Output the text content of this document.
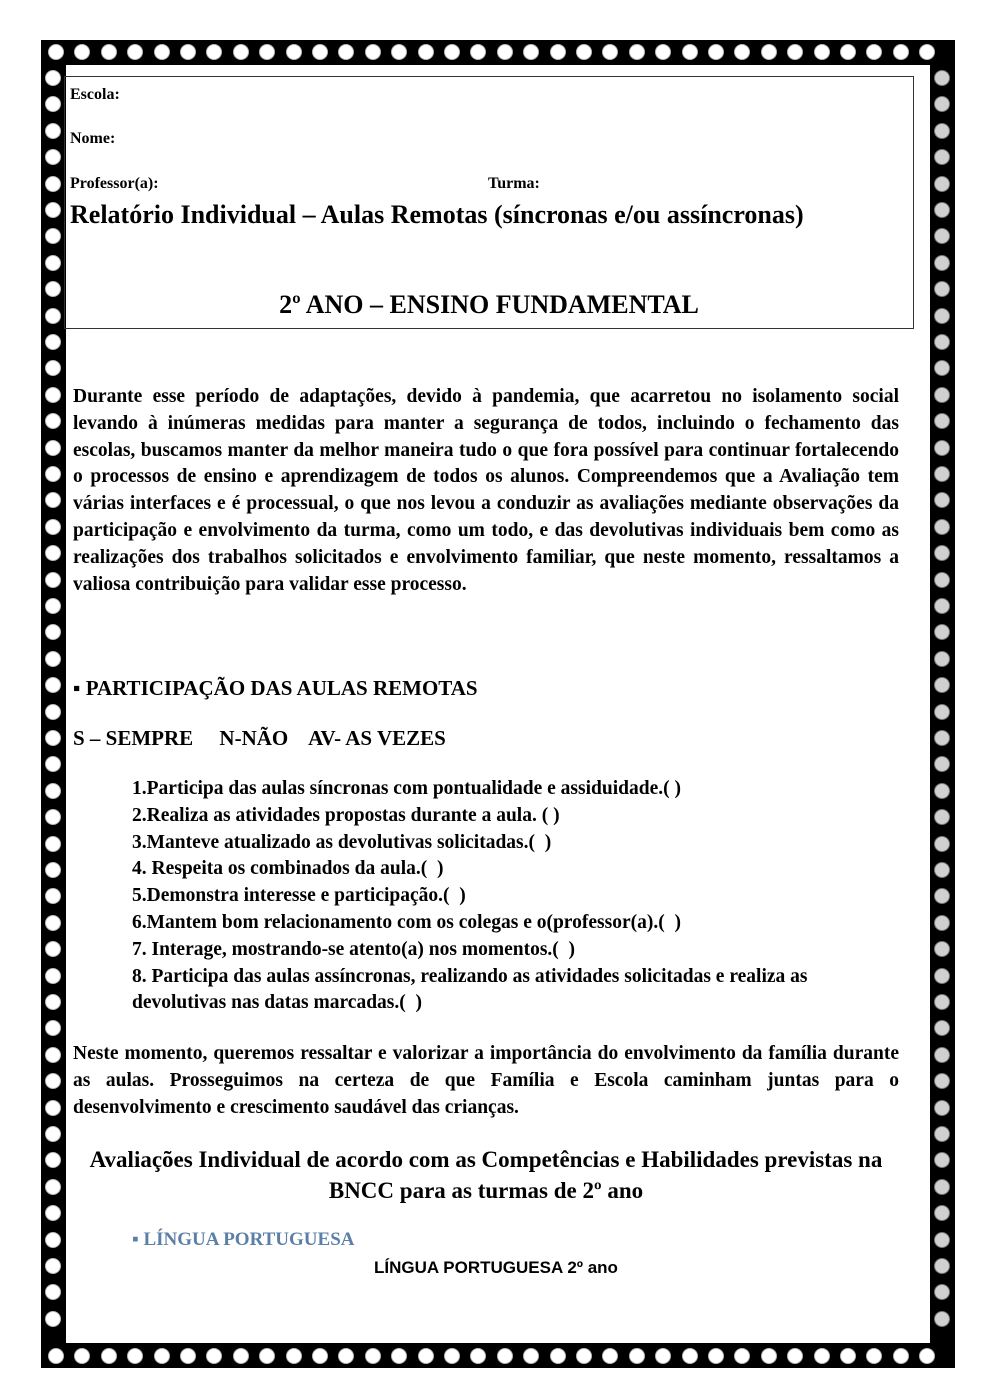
Escola:
Nome:
Professor(a):	Turma:
Relatório Individual – Aulas Remotas (síncronas e/ou assíncronas)
2º ANO – ENSINO FUNDAMENTAL
Durante esse período de adaptações, devido à pandemia, que acarretou no isolamento social levando à inúmeras medidas para manter a segurança de todos, incluindo o fechamento das escolas, buscamos manter da melhor maneira tudo o que fora possível para continuar fortalecendo o processos de ensino e aprendizagem de todos os alunos. Compreendemos que a Avaliação tem várias interfaces e é processual, o que nos levou a conduzir as avaliações mediante observações da participação e envolvimento da turma, como um todo, e das devolutivas individuais bem como as realizações dos trabalhos solicitados e envolvimento familiar, que neste momento, ressaltamos a valiosa contribuição para validar esse processo.
▪ PARTICIPAÇÃO DAS AULAS REMOTAS
S – SEMPRE     N-NÃO    AV- AS VEZES
1.Participa das aulas síncronas com pontualidade e assiduidade.( )
2.Realiza as atividades propostas durante a aula. ( )
3.Manteve atualizado as devolutivas solicitadas.(  )
4. Respeita os combinados da aula.(  )
5.Demonstra interesse e participação.(  )
6.Mantem bom relacionamento com os colegas e o(professor(a).(  )
7. Interage, mostrando-se atento(a) nos momentos.(  )
8. Participa das aulas assíncronas, realizando as atividades solicitadas e realiza as devolutivas nas datas marcadas.(  )
Neste momento, queremos ressaltar e valorizar a importância do envolvimento da família durante as aulas. Prosseguimos na certeza de que Família e Escola caminham juntas para o desenvolvimento e crescimento saudável das crianças.
Avaliações Individual de acordo com as Competências e Habilidades previstas na BNCC para as turmas de 2º ano
▪ LÍNGUA PORTUGUESA
LÍNGUA PORTUGUESA 2º ano
